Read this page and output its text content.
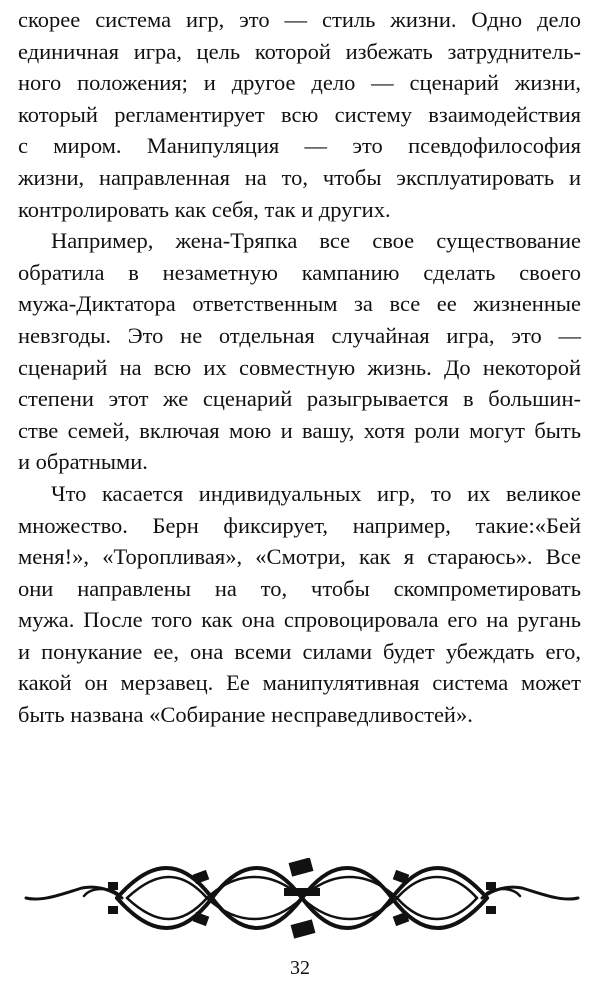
скорее система игр, это — стиль жизни. Одно дело
единичная игра, цель которой избежать затруднитель-
ного положения; и другое дело — сценарий жизни,
который регламентирует всю систему взаимодействия
с миром. Манипуляция — это псевдофилософия
жизни, направленная на то, чтобы эксплуатировать и
контролировать как себя, так и других.
Например, жена-Тряпка все свое существование
обратила в незаметную кампанию сделать своего
мужа-Диктатора ответственным за все ее жизненные
невзгоды. Это не отдельная случайная игра, это —
сценарий на всю их совместную жизнь. До некоторой
степени этот же сценарий разыгрывается в большин-
стве семей, включая мою и вашу, хотя роли могут быть
и обратными.
Что касается индивидуальных игр, то их великое
множество. Берн фиксирует, например, такие:«Бей
меня!», «Торопливая», «Смотри, как я стараюсь». Все
они направлены на то, чтобы скомпрометировать
мужа. После того как она спровоцировала его на ругань
и понукание ее, она всеми силами будет убеждать его,
какой он мерзавец. Ее манипулятивная система может
быть названа «Собирание несправедливостей».
32
